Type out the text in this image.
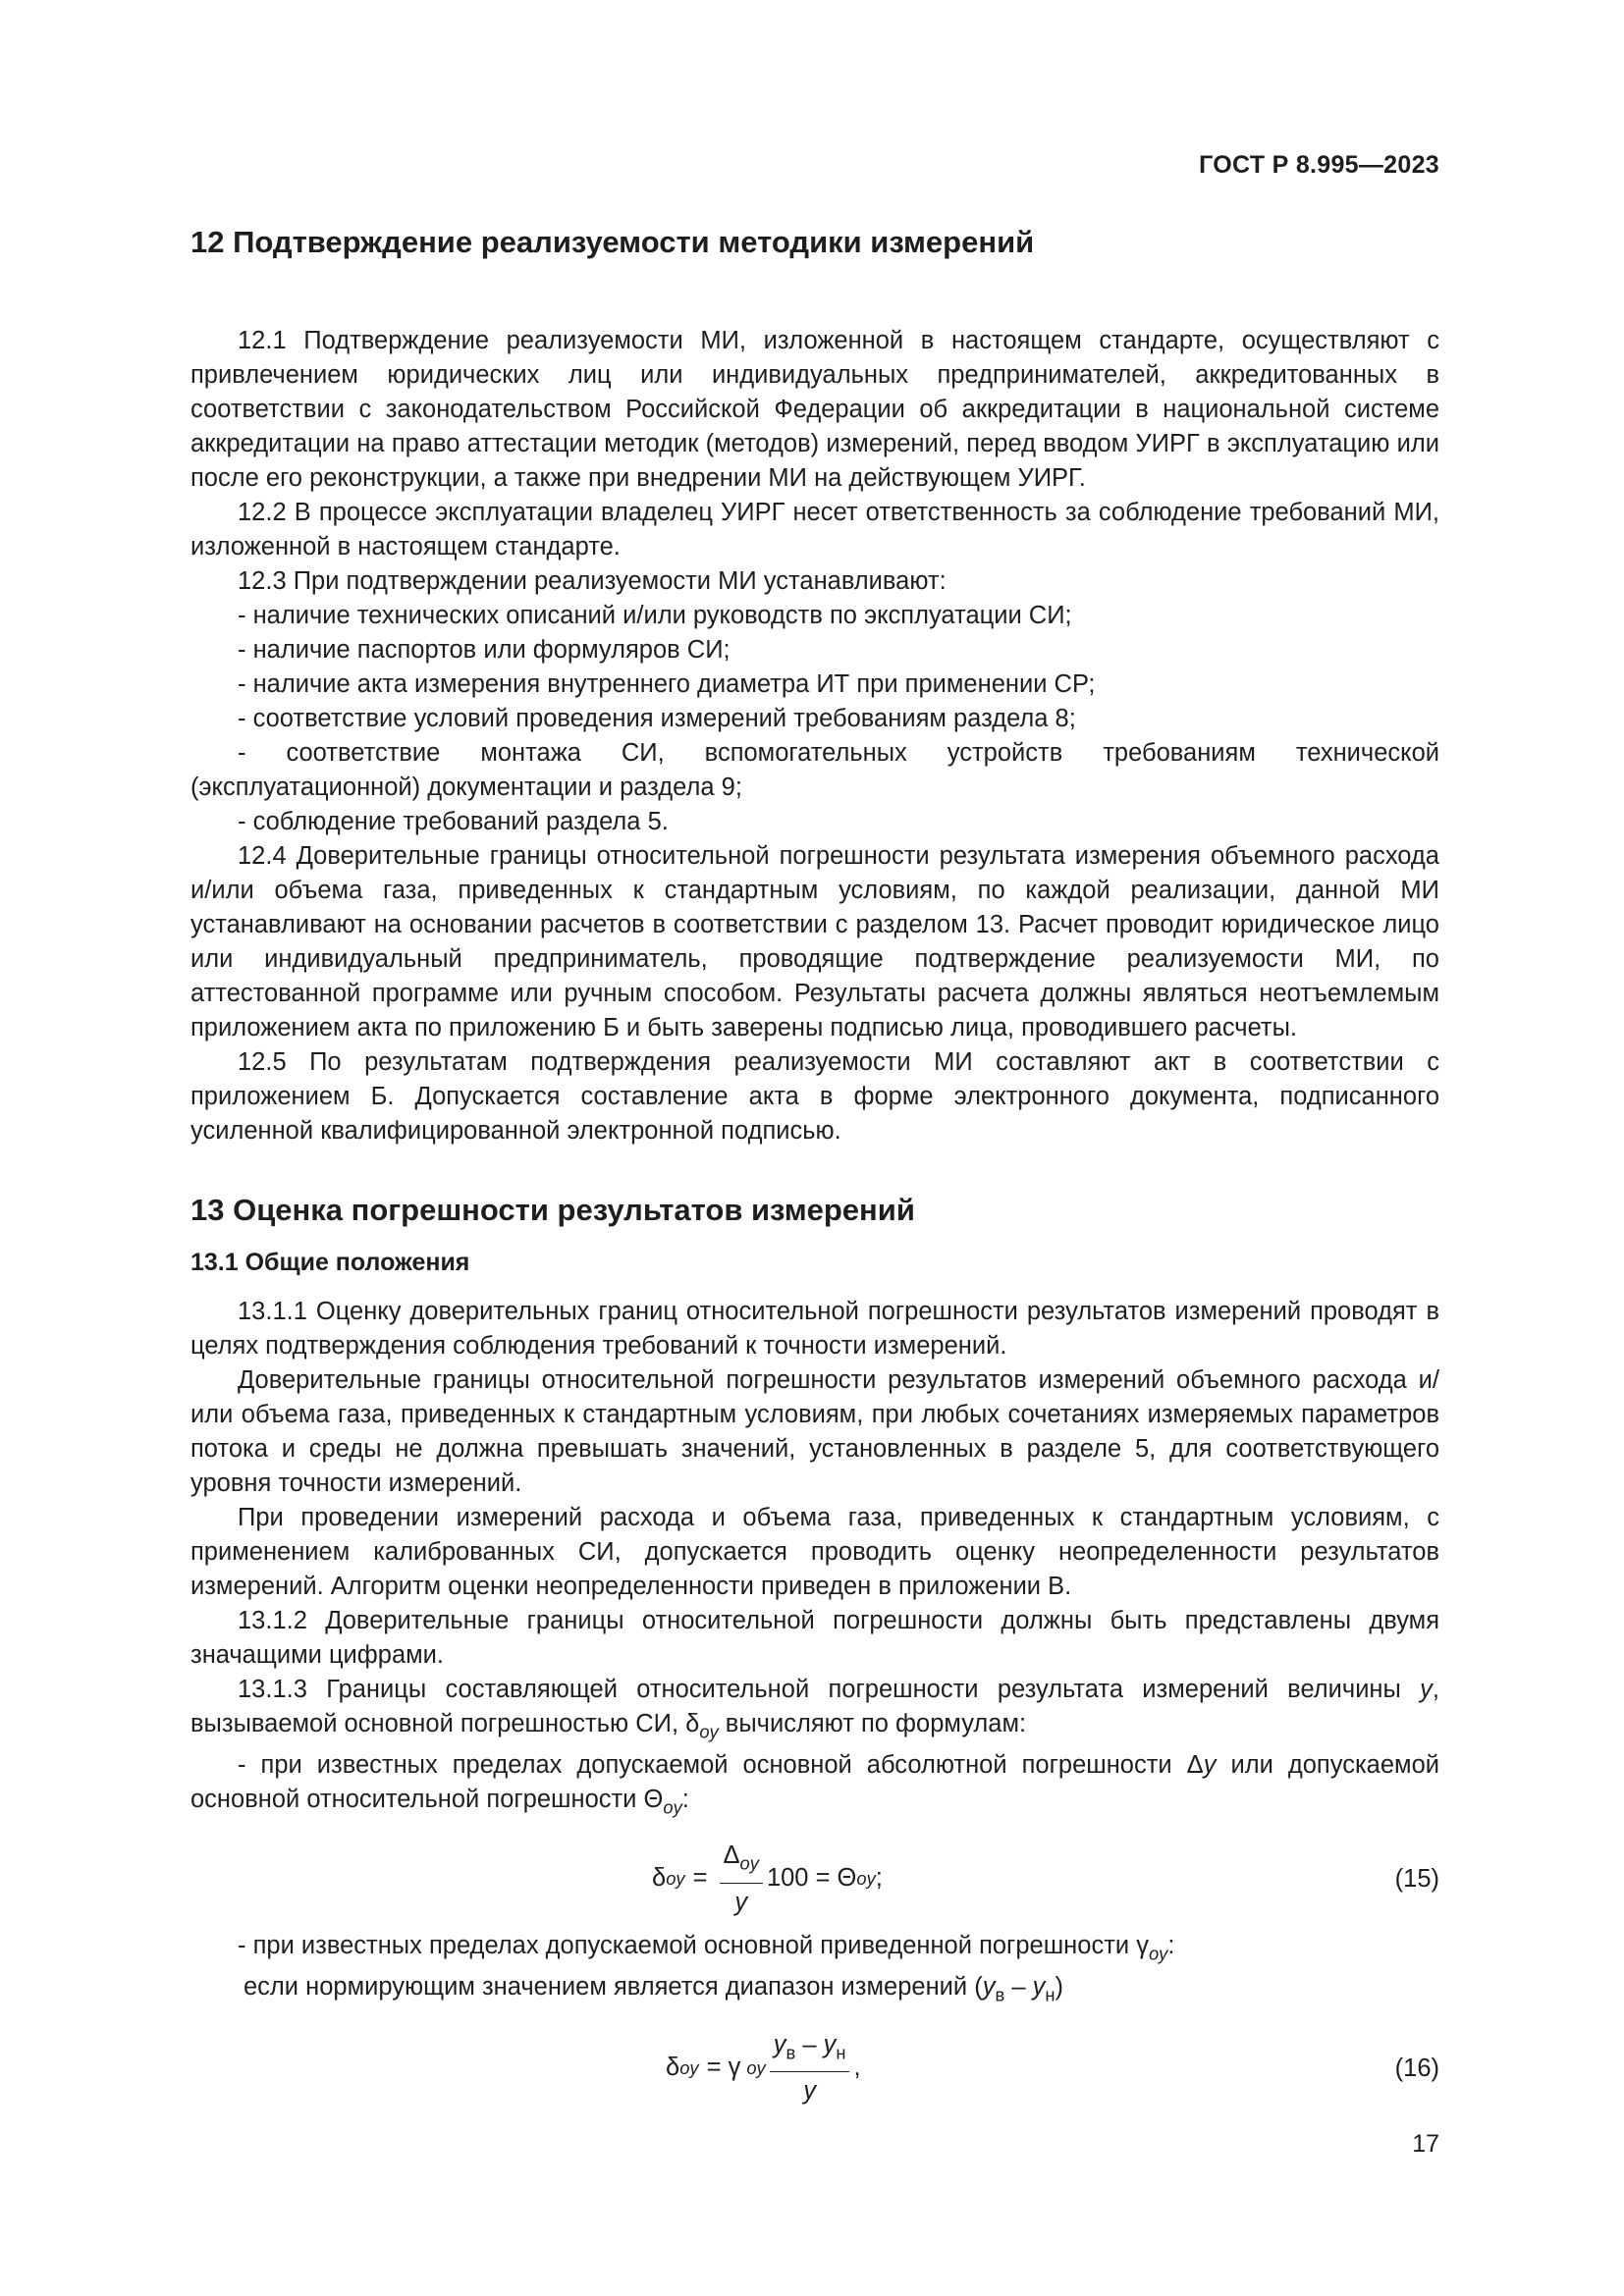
ГОСТ Р 8.995—2023
12 Подтверждение реализуемости методики измерений

12.1 Подтверждение реализуемости МИ, изложенной в настоящем стандарте, осуществляют с привлечением юридических лиц или индивидуальных предпринимателей, аккредитованных в соответствии с законодательством Российской Федерации об аккредитации в национальной системе аккредитации на право аттестации методик (методов) измерений, перед вводом УИРГ в эксплуатацию или после его реконструкции, а также при внедрении МИ на действующем УИРГ.

12.2 В процессе эксплуатации владелец УИРГ несет ответственность за соблюдение требований МИ, изложенной в настоящем стандарте.

12.3 При подтверждении реализуемости МИ устанавливают:

- наличие технических описаний и/или руководств по эксплуатации СИ;

- наличие паспортов или формуляров СИ;

- наличие акта измерения внутреннего диаметра ИТ при применении СР;

- соответствие условий проведения измерений требованиям раздела 8;

- соответствие монтажа СИ, вспомогательных устройств требованиям технической (эксплуатационной) документации и раздела 9;

- соблюдение требований раздела 5.

12.4 Доверительные границы относительной погрешности результата измерения объемного расхода и/или объема газа, приведенных к стандартным условиям, по каждой реализации, данной МИ устанавливают на основании расчетов в соответствии с разделом 13. Расчет проводит юридическое лицо или индивидуальный предприниматель, проводящие подтверждение реализуемости МИ, по аттестованной программе или ручным способом. Результаты расчета должны являться неотъемлемым приложением акта по приложению Б и быть заверены подписью лица, проводившего расчеты.

12.5 По результатам подтверждения реализуемости МИ составляют акт в соответствии с приложением Б. Допускается составление акта в форме электронного документа, подписанного усиленной квалифицированной электронной подписью.

13 Оценка погрешности результатов измерений
13.1 Общие положения

13.1.1 Оценку доверительных границ относительной погрешности результатов измерений проводят в целях подтверждения соблюдения требований к точности измерений.

Доверительные границы относительной погрешности результатов измерений объемного расхода и/или объема газа, приведенных к стандартным условиям, при любых сочетаниях измеряемых параметров потока и среды не должна превышать значений, установленных в разделе 5, для соответствующего уровня точности измерений.

При проведении измерений расхода и объема газа, приведенных к стандартным условиям, с применением калиброванных СИ, допускается проводить оценку неопределенности результатов измерений. Алгоритм оценки неопределенности приведен в приложении В.

13.1.2 Доверительные границы относительной погрешности должны быть представлены двумя значащими цифрами.

13.1.3 Границы составляющей относительной погрешности результата измерений величины y, вызываемой основной погрешностью СИ, $\delta_{oy}$ вычисляют по формулам:

- при известных пределах допускаемой основной абсолютной погрешности Δy или допускаемой основной относительной погрешности $\Theta_{oy}$:

δ oy = $\frac{\Delta_{oy}}{y} 100 = \Theta$ oy ;	(15)

- при известных пределах допускаемой основной приведенной погрешности $\gamma_{oy}$:

если нормирующим значением является диапазон измерений $(y_в - y_н)$

δ oy = γ oy $\frac{y_в - y_н}{y}$ ,	(16)
17
